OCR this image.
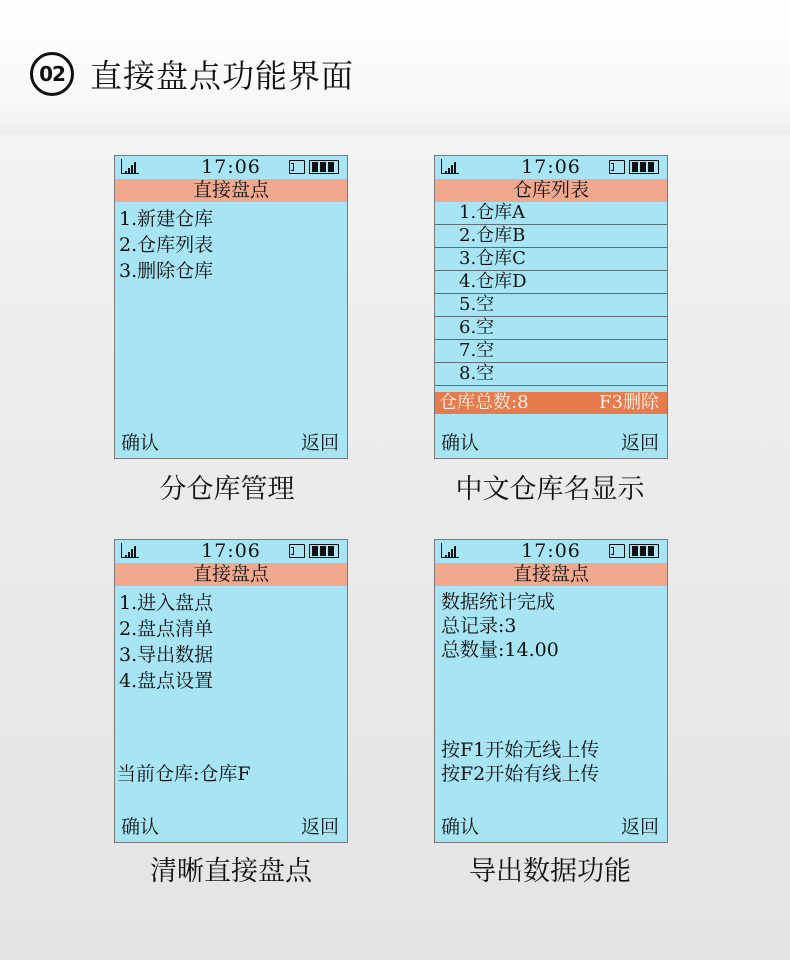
02 直接盘点功能界面
17:06
直接盘点
1.新建仓库
2.仓库列表
3.删除仓库
确认	返回
分仓库管理
17:06
仓库列表
1.仓库A
2.仓库B
3.仓库C
4.仓库D
5.空
6.空
7.空
8.空
仓库总数:8	F3删除
确认	返回
中文仓库名显示
17:06
直接盘点
1.进入盘点
2.盘点清单
3.导出数据
4.盘点设置
当前仓库:仓库F
确认	返回
清晰直接盘点
17:06
直接盘点
数据统计完成
总记录:3
总数量:14.00
按F1开始无线上传
按F2开始有线上传
确认	返回
导出数据功能
